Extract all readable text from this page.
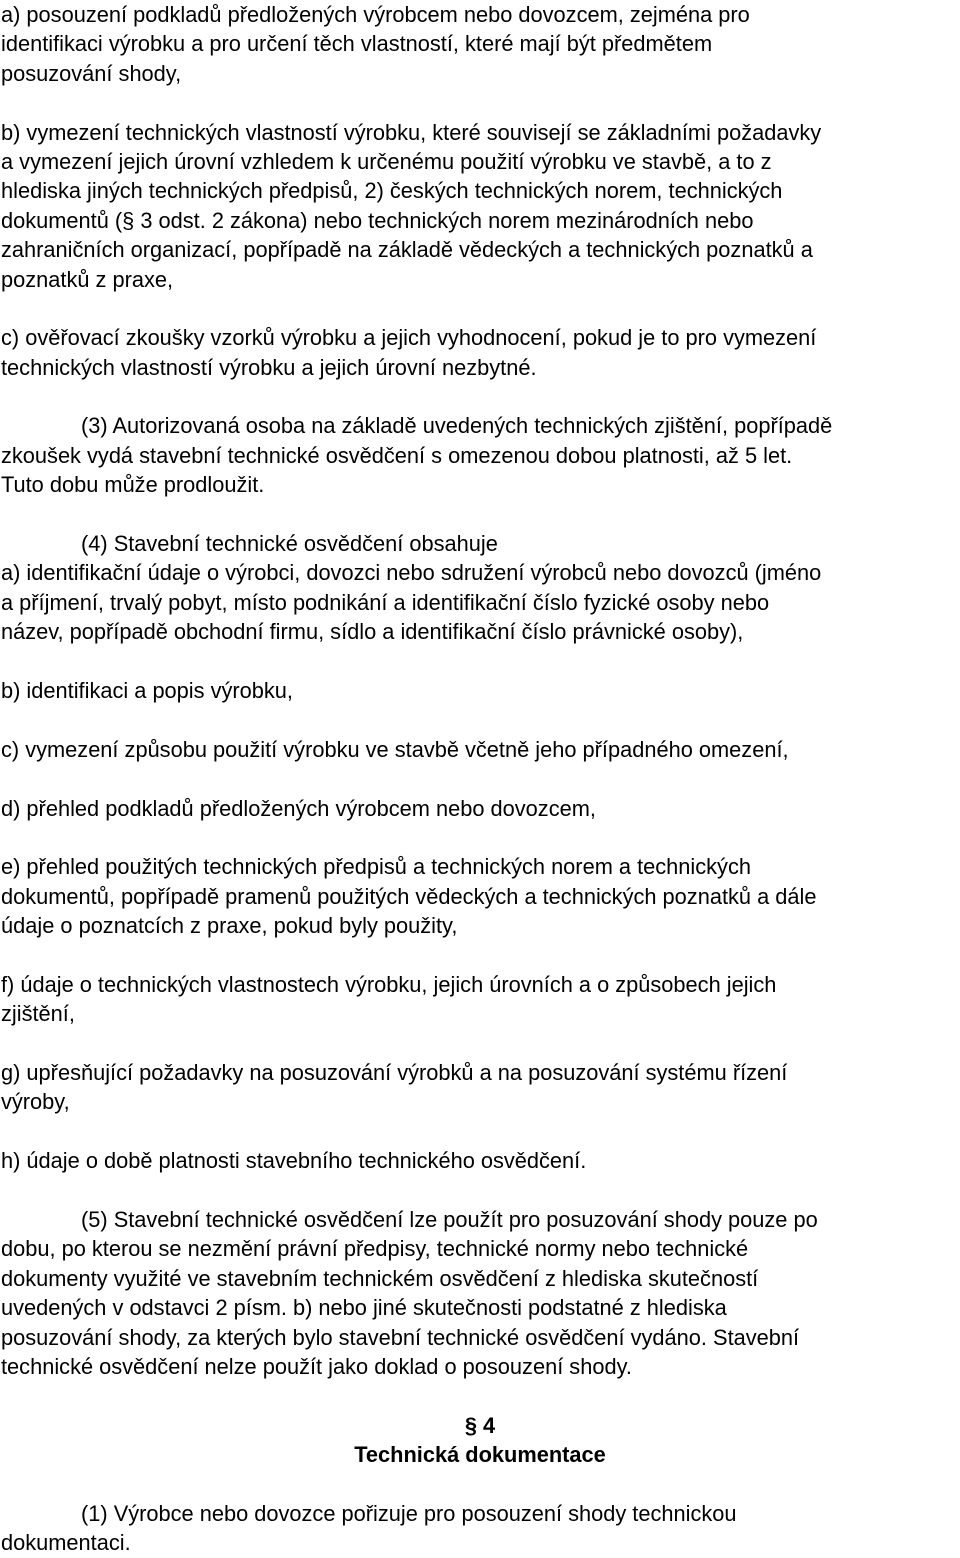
a) posouzení podkladů předložených výrobcem nebo dovozcem, zejména pro
identifikaci výrobku a pro určení těch vlastností, které mají být předmětem
posuzování shody,
b) vymezení technických vlastností výrobku, které souvisejí se základními požadavky
a vymezení jejich úrovní vzhledem k určenému použití výrobku ve stavbě, a to z
hlediska jiných technických předpisů, 2) českých technických norem, technických
dokumentů (§ 3 odst. 2 zákona) nebo technických norem mezinárodních nebo
zahraničních organizací, popřípadě na základě vědeckých a technických poznatků a
poznatků z praxe,
c) ověřovací zkoušky vzorků výrobku a jejich vyhodnocení, pokud je to pro vymezení
technických vlastností výrobku a jejich úrovní nezbytné.
(3) Autorizovaná osoba na základě uvedených technických zjištění, popřípadě
zkoušek vydá stavební technické osvědčení s omezenou dobou platnosti, až 5 let.
Tuto dobu může prodloužit.
(4) Stavební technické osvědčení obsahuje
a) identifikační údaje o výrobci, dovozci nebo sdružení výrobců nebo dovozců (jméno
a příjmení, trvalý pobyt, místo podnikání a identifikační číslo fyzické osoby nebo
název, popřípadě obchodní firmu, sídlo a identifikační číslo právnické osoby),
b) identifikaci a popis výrobku,
c) vymezení způsobu použití výrobku ve stavbě včetně jeho případného omezení,
d) přehled podkladů předložených výrobcem nebo dovozcem,
e) přehled použitých technických předpisů a technických norem a technických
dokumentů, popřípadě pramenů použitých vědeckých a technických poznatků a dále
údaje o poznatcích z praxe, pokud byly použity,
f) údaje o technických vlastnostech výrobku, jejich úrovních a o způsobech jejich
zjištění,
g) upřesňující požadavky na posuzování výrobků a na posuzování systému řízení
výroby,
h) údaje o době platnosti stavebního technického osvědčení.
(5) Stavební technické osvědčení lze použít pro posuzování shody pouze po
dobu, po kterou se nezmění právní předpisy, technické normy nebo technické
dokumenty využité ve stavebním technickém osvědčení z hlediska skutečností
uvedených v odstavci 2 písm. b) nebo jiné skutečnosti podstatné z hlediska
posuzování shody, za kterých bylo stavební technické osvědčení vydáno. Stavební
technické osvědčení nelze použít jako doklad o posouzení shody.
§ 4
Technická dokumentace
(1) Výrobce nebo dovozce pořizuje pro posouzení shody technickou
dokumentaci.
